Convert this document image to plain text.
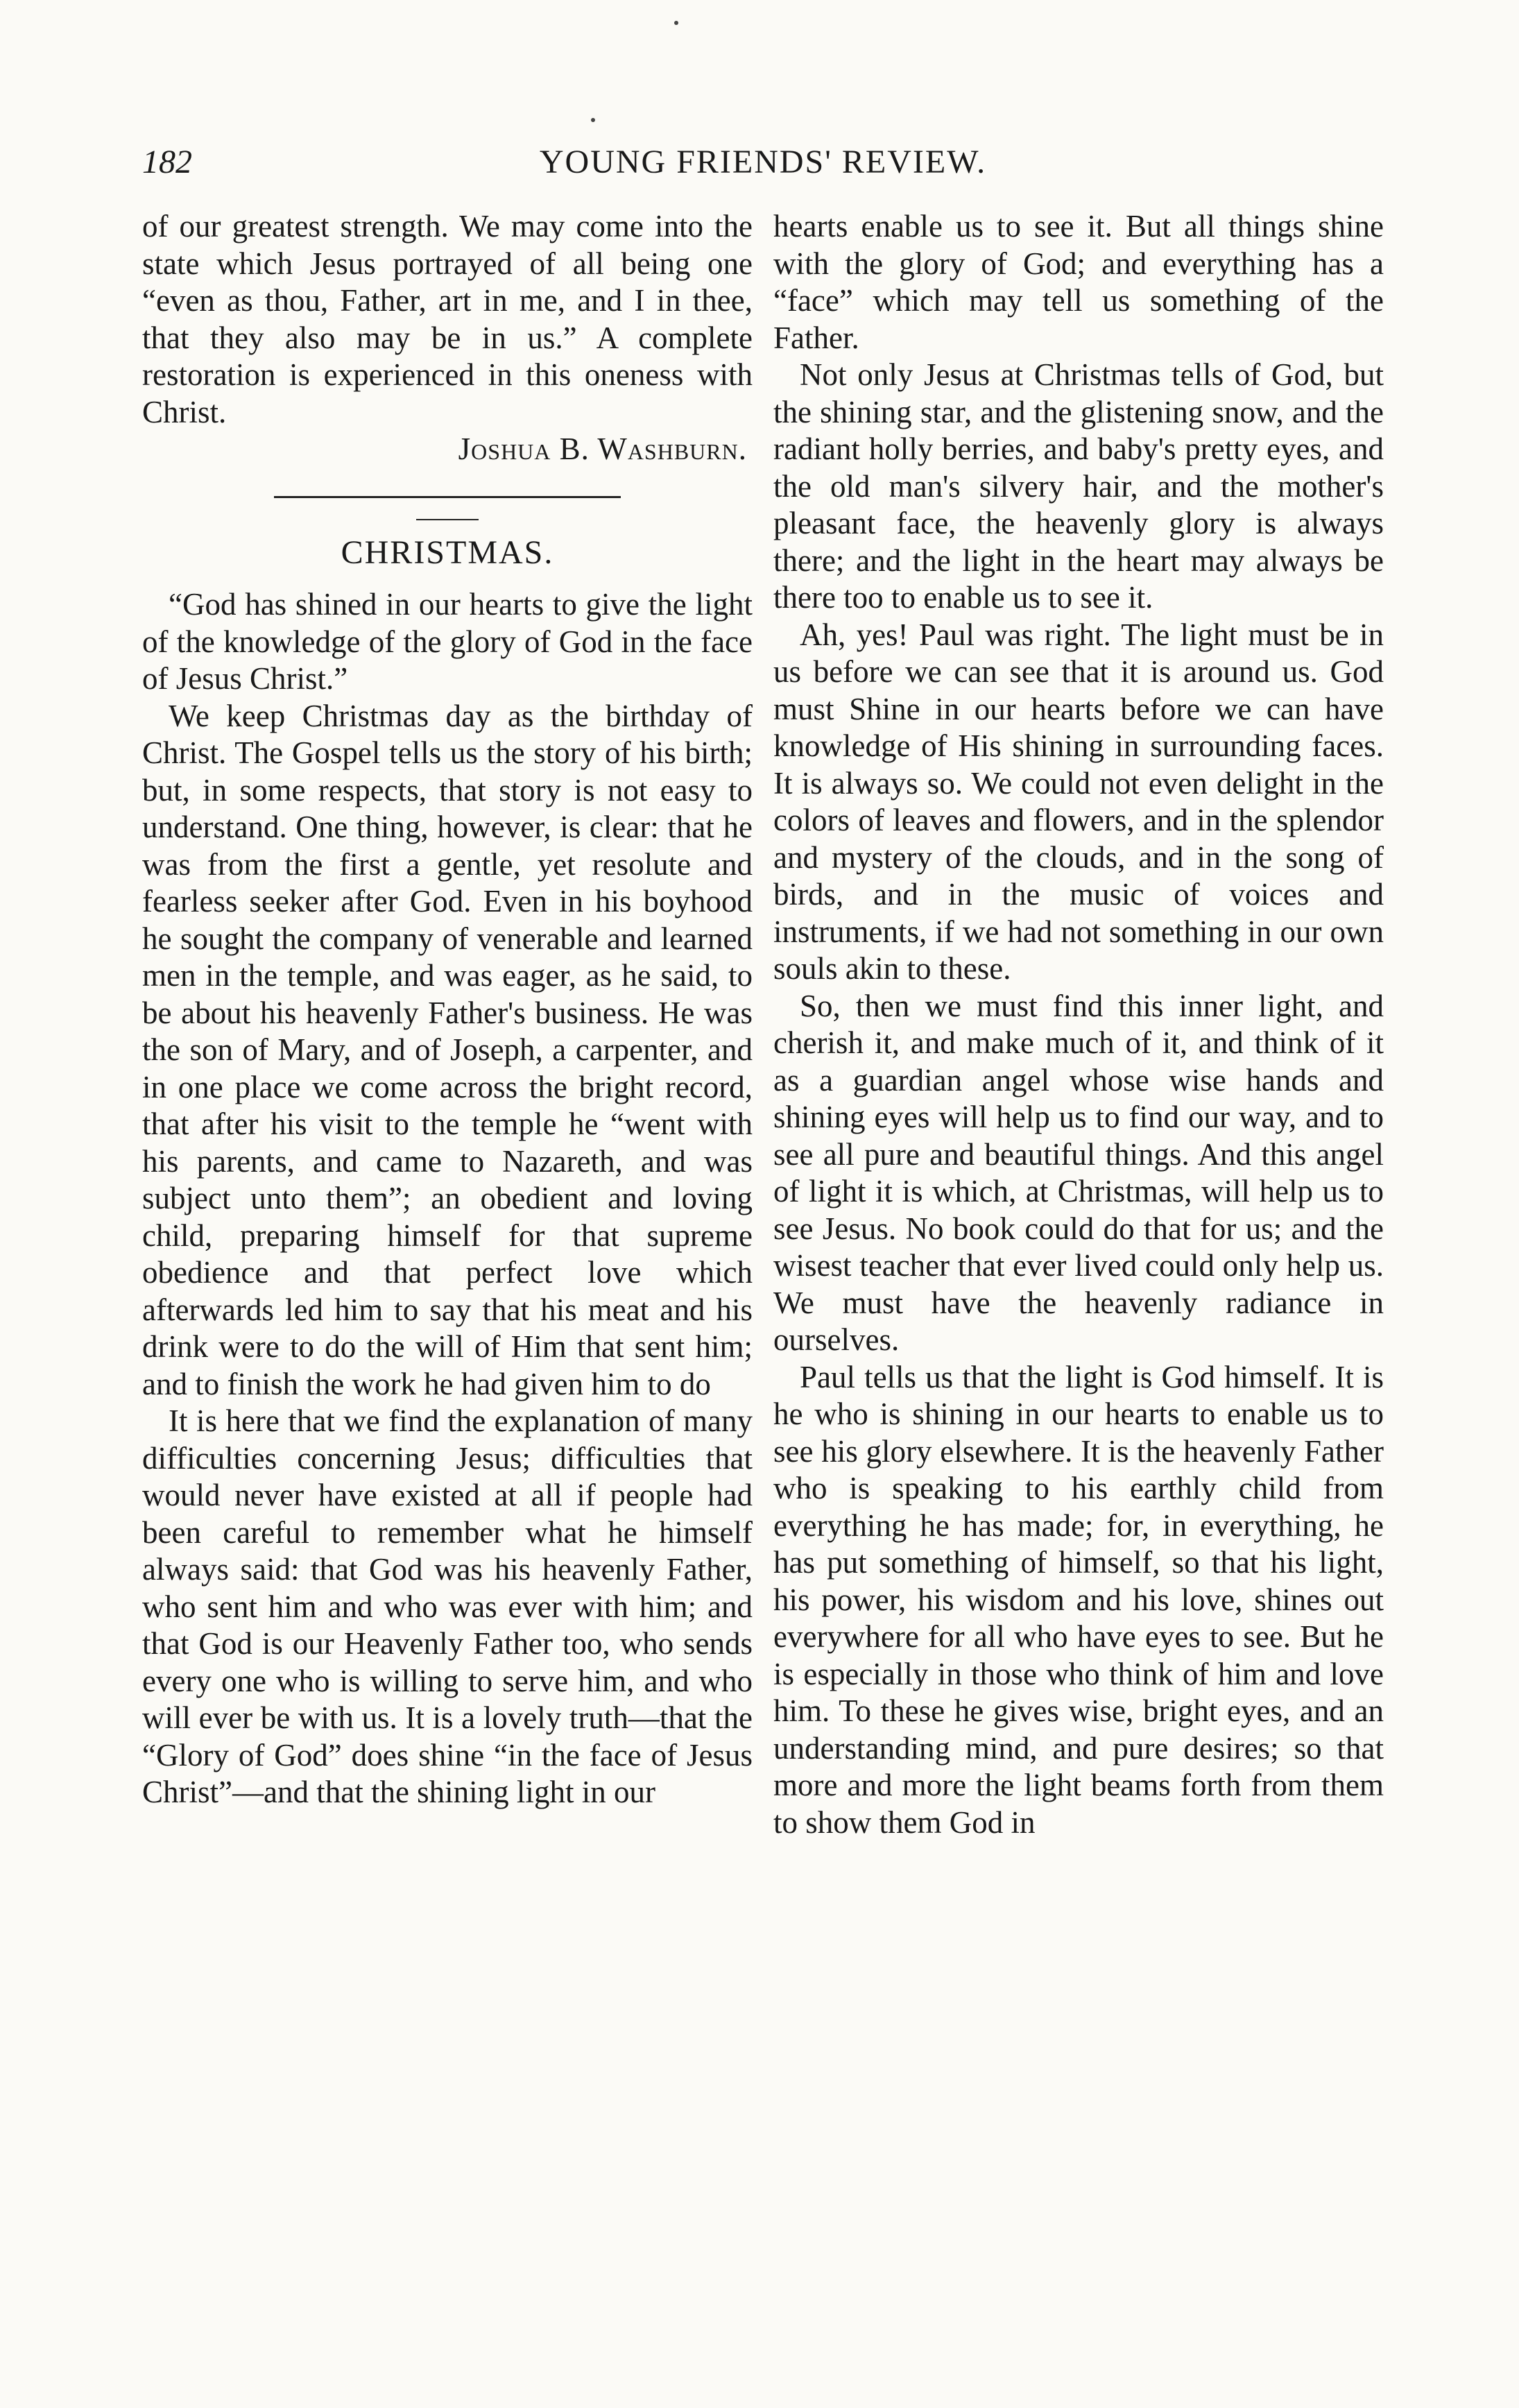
182	YOUNG FRIENDS' REVIEW.

of our greatest strength. We may come into the state which Jesus portrayed of all being one “even as thou, Father, art in me, and I in thee, that they also may be in us.” A complete restoration is experienced in this oneness with Christ.

Joshua B. Washburn.

CHRISTMAS.

“God has shined in our hearts to give the light of the knowledge of the glory of God in the face of Jesus Christ.”

We keep Christmas day as the birthday of Christ. The Gospel tells us the story of his birth; but, in some respects, that story is not easy to understand. One thing, however, is clear: that he was from the first a gentle, yet resolute and fearless seeker after God. Even in his boyhood he sought the company of venerable and learned men in the temple, and was eager, as he said, to be about his heavenly Father's business. He was the son of Mary, and of Joseph, a carpenter, and in one place we come across the bright record, that after his visit to the temple he “went with his parents, and came to Nazareth, and was subject unto them”; an obedient and loving child, preparing himself for that supreme obedience and that perfect love which afterwards led him to say that his meat and his drink were to do the will of Him that sent him; and to finish the work he had given him to do

It is here that we find the explanation of many difficulties concerning Jesus; difficulties that would never have existed at all if people had been careful to remember what he himself always said: that God was his heavenly Father, who sent him and who was ever with him; and that God is our Heavenly Father too, who sends every one who is willing to serve him, and who will ever be with us. It is a lovely truth—that the “Glory of God” does shine “in the face of Jesus Christ”—and that the shining light in our

hearts enable us to see it. But all things shine with the glory of God; and everything has a “face” which may tell us something of the Father.

Not only Jesus at Christmas tells of God, but the shining star, and the glistening snow, and the radiant holly berries, and baby's pretty eyes, and the old man's silvery hair, and the mother's pleasant face, the heavenly glory is always there; and the light in the heart may always be there too to enable us to see it.

Ah, yes! Paul was right. The light must be in us before we can see that it is around us. God must Shine in our hearts before we can have knowledge of His shining in surrounding faces. It is always so. We could not even delight in the colors of leaves and flowers, and in the splendor and mystery of the clouds, and in the song of birds, and in the music of voices and instruments, if we had not something in our own souls akin to these.

So, then we must find this inner light, and cherish it, and make much of it, and think of it as a guardian angel whose wise hands and shining eyes will help us to find our way, and to see all pure and beautiful things. And this angel of light it is which, at Christmas, will help us to see Jesus. No book could do that for us; and the wisest teacher that ever lived could only help us. We must have the heavenly radiance in ourselves.

Paul tells us that the light is God himself. It is he who is shining in our hearts to enable us to see his glory elsewhere. It is the heavenly Father who is speaking to his earthly child from everything he has made; for, in everything, he has put something of himself, so that his light, his power, his wisdom and his love, shines out everywhere for all who have eyes to see. But he is especially in those who think of him and love him. To these he gives wise, bright eyes, and an understanding mind, and pure desires; so that more and more the light beams forth from them to show them God in
